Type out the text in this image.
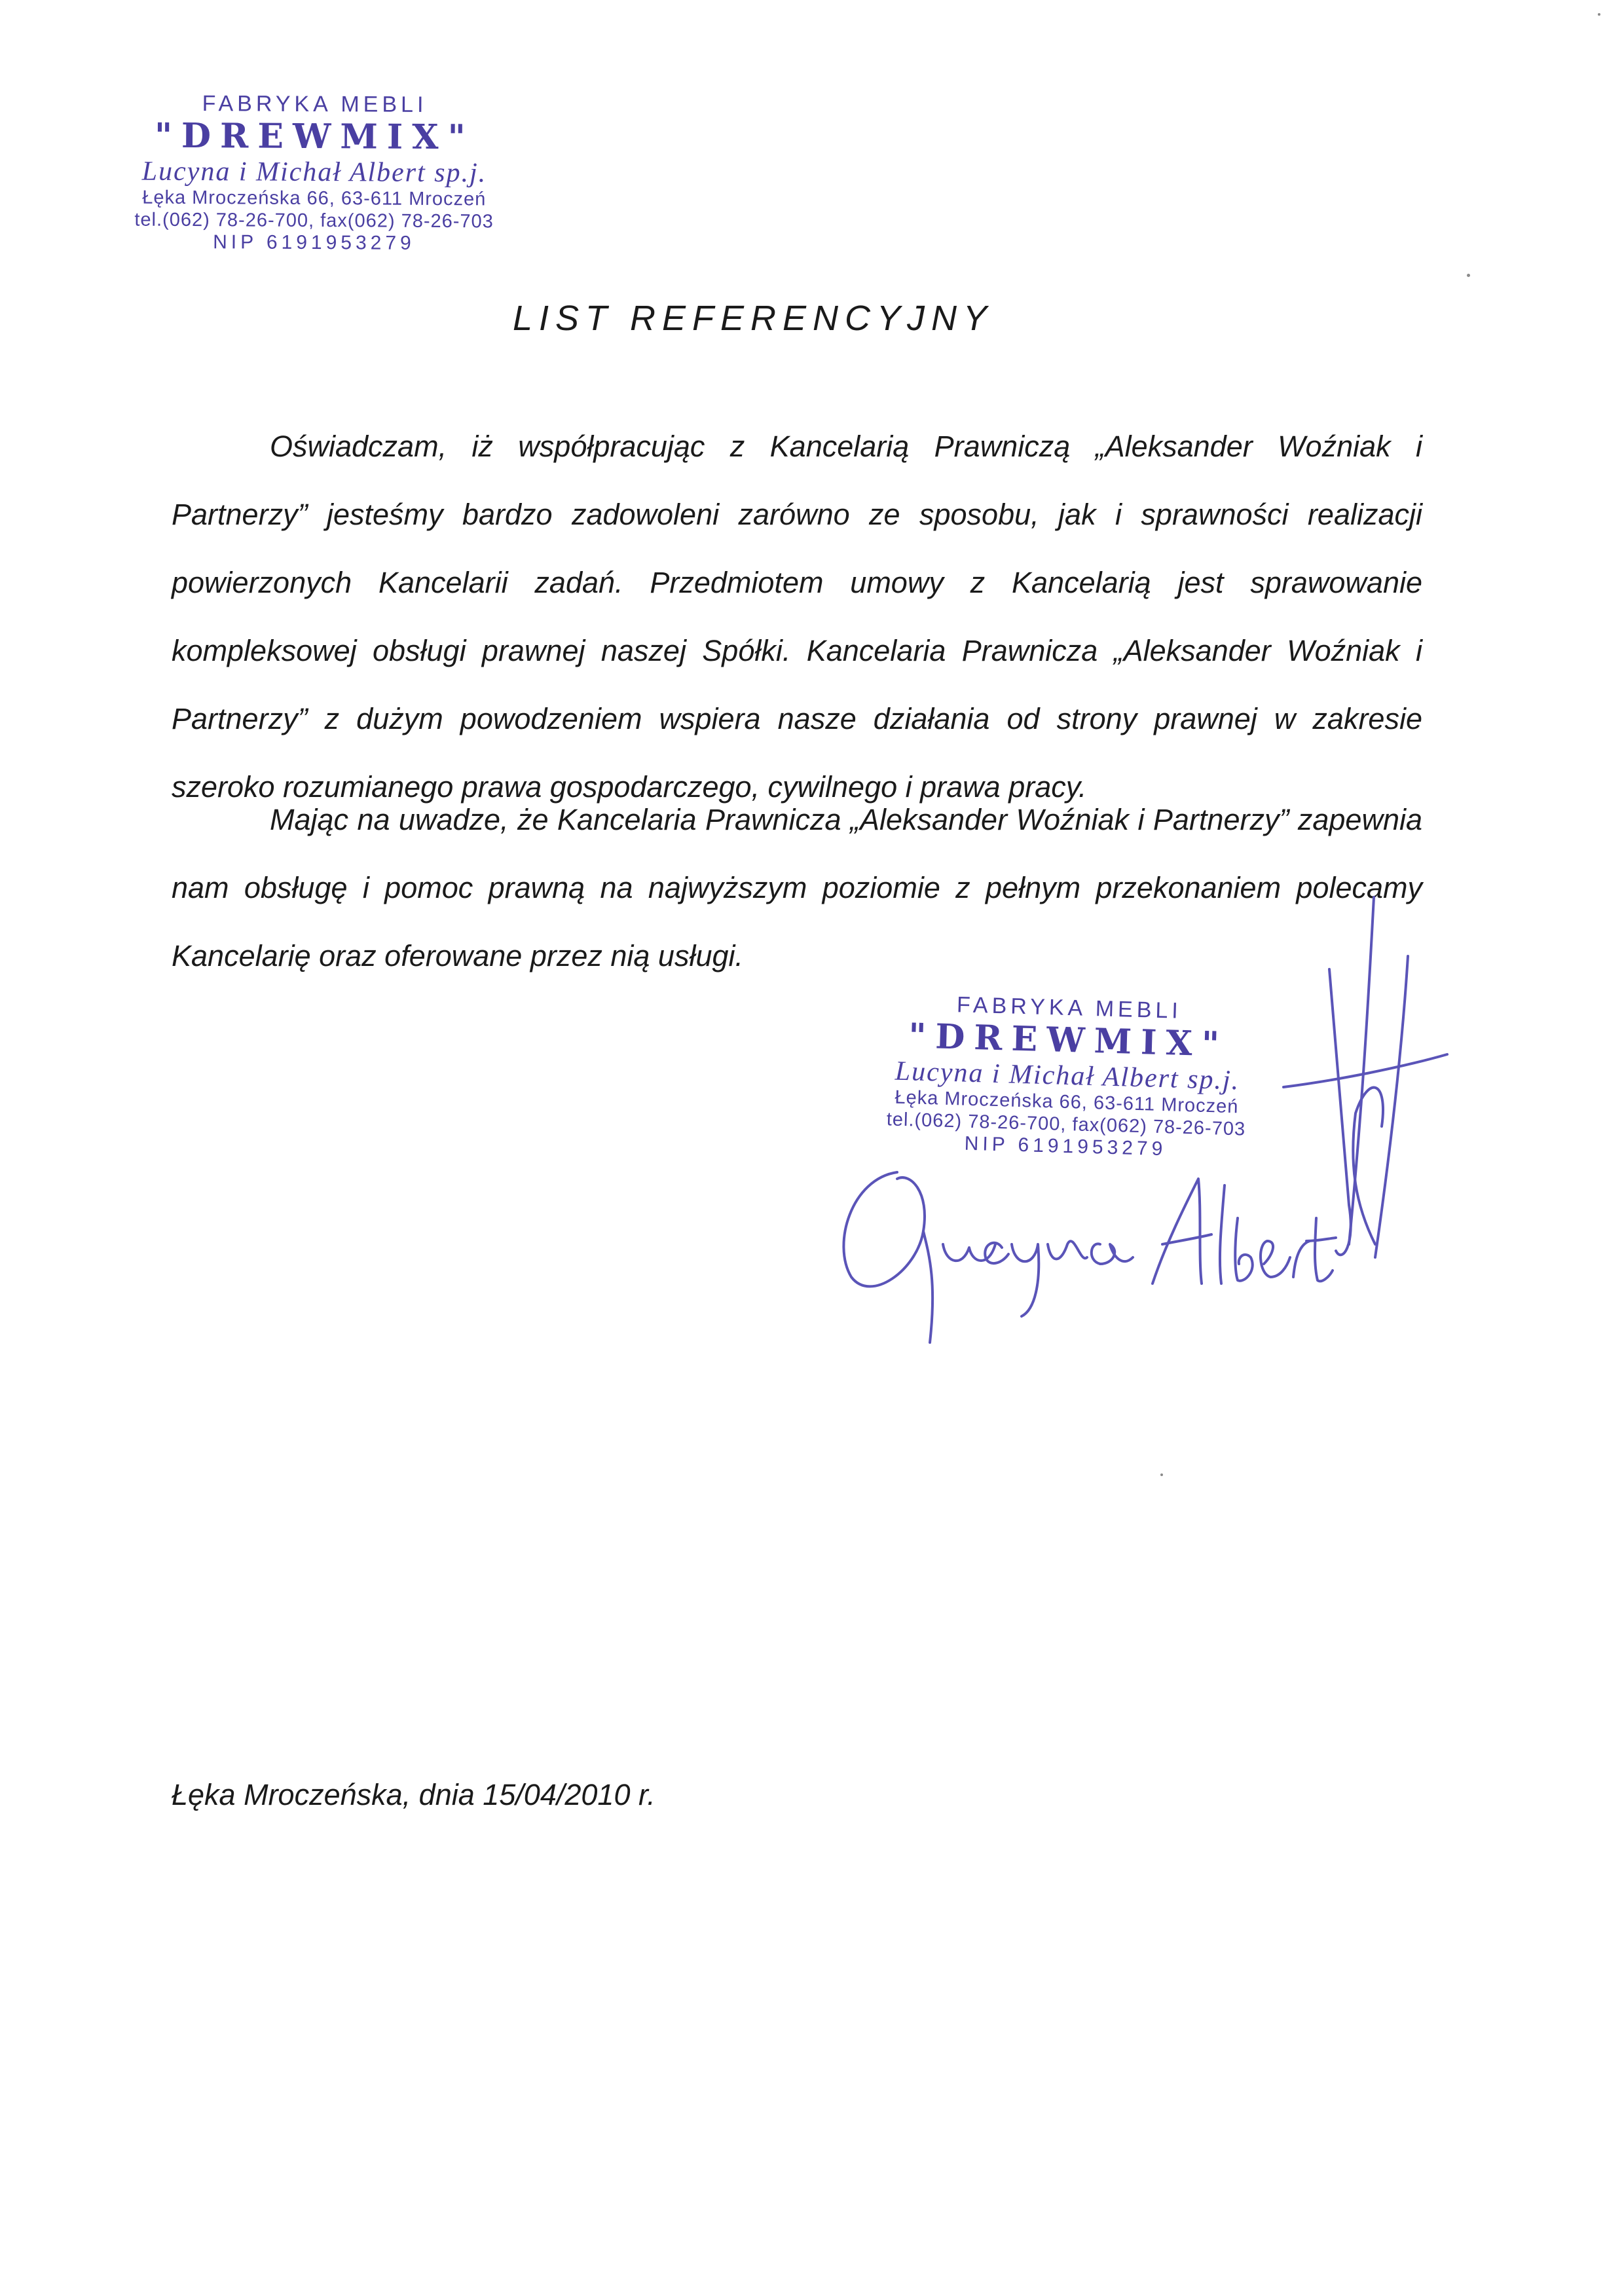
FABRYKA MEBLI
"DREWMIX"
Lucyna i Michał Albert sp.j.
Łęka Mroczeńska 66, 63-611 Mroczeń
tel.(062) 78-26-700, fax(062) 78-26-703
NIP 6191953279
LIST REFERENCYJNY

Oświadczam, iż współpracując z Kancelarią Prawniczą „Aleksander Woźniak i Partnerzy” jesteśmy bardzo zadowoleni zarówno ze sposobu, jak i sprawności realizacji powierzonych Kancelarii zadań. Przedmiotem umowy z Kancelarią jest sprawowanie kompleksowej obsługi prawnej naszej Spółki. Kancelaria Prawnicza „Aleksander Woźniak i Partnerzy” z dużym powodzeniem wspiera nasze działania od strony prawnej w zakresie szeroko rozumianego prawa gospodarczego, cywilnego i prawa pracy.

Mając na uwadze, że Kancelaria Prawnicza „Aleksander Woźniak i Partnerzy” zapewnia nam obsługę i pomoc prawną na najwyższym poziomie z pełnym przekonaniem polecamy Kancelarię oraz oferowane przez nią usługi.

FABRYKA MEBLI
"DREWMIX"
Lucyna i Michał Albert sp.j.
Łęka Mroczeńska 66, 63-611 Mroczeń
tel.(062) 78-26-700, fax(062) 78-26-703
NIP 6191953279

Łęka Mroczeńska, dnia 15/04/2010 r.
